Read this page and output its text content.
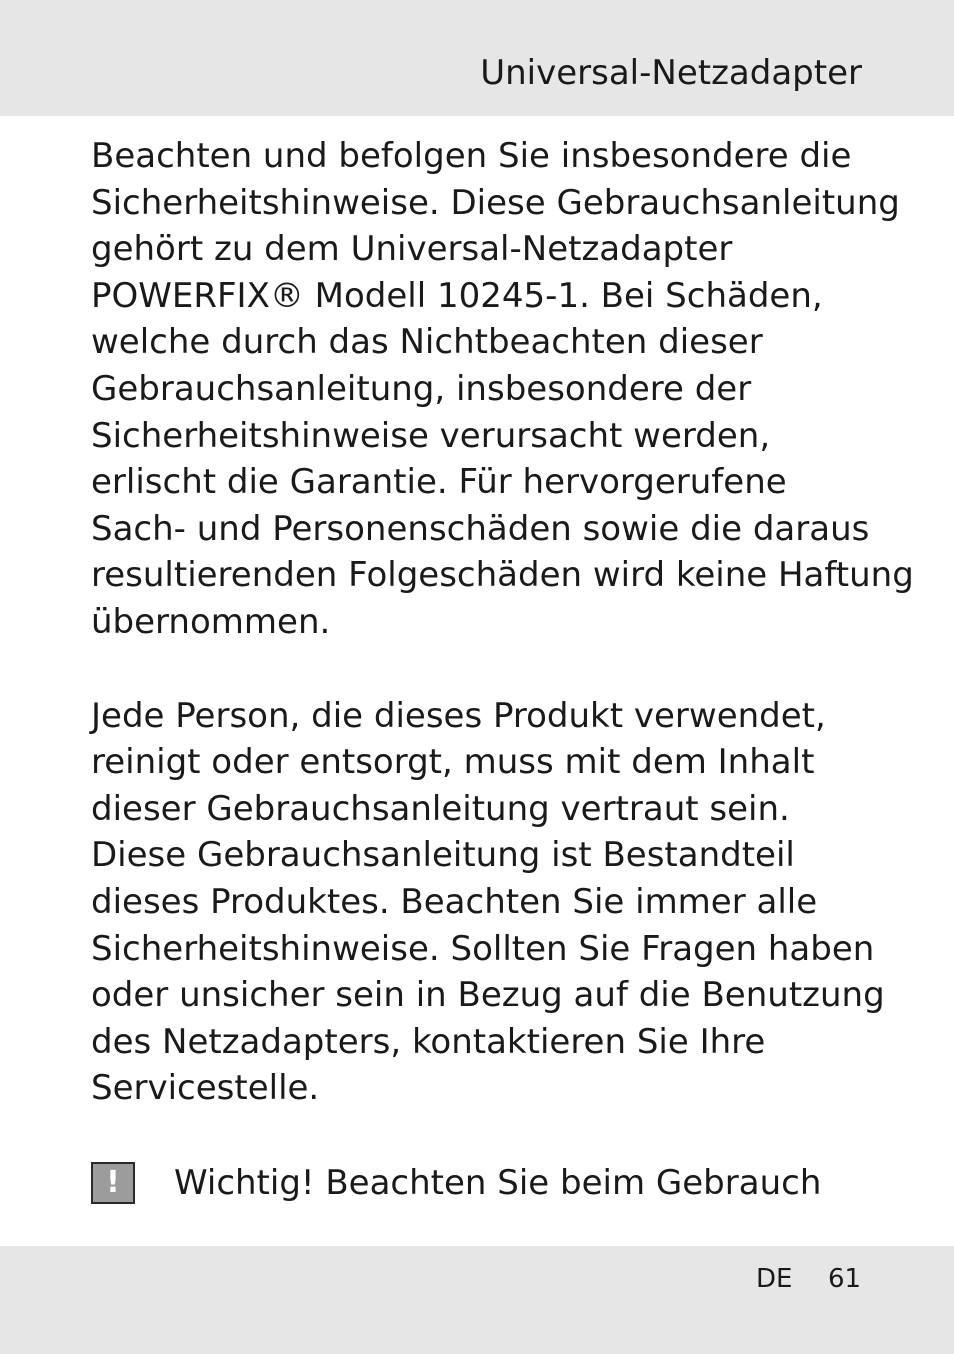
Universal-Netzadapter

Beachten und befolgen Sie insbesondere die
Sicherheitshinweise. Diese Gebrauchsanleitung
gehört zu dem Universal-Netzadapter
POWERFIX® Modell 10245-1. Bei Schäden,
welche durch das Nichtbeachten dieser
Gebrauchsanleitung, insbesondere der
Sicherheitshinweise verursacht werden,
erlischt die Garantie. Für hervorgerufene
Sach- und Personenschäden sowie die daraus
resultierenden Folgeschäden wird keine Haftung
übernommen.

Jede Person, die dieses Produkt verwendet,
reinigt oder entsorgt, muss mit dem Inhalt
dieser Gebrauchsanleitung vertraut sein.
Diese Gebrauchsanleitung ist Bestandteil
dieses Produktes. Beachten Sie immer alle
Sicherheitshinweise. Sollten Sie Fragen haben
oder unsicher sein in Bezug auf die Benutzung
des Netzadapters, kontaktieren Sie Ihre
Servicestelle.

!	Wichtig! Beachten Sie beim Gebrauch
DE 61
